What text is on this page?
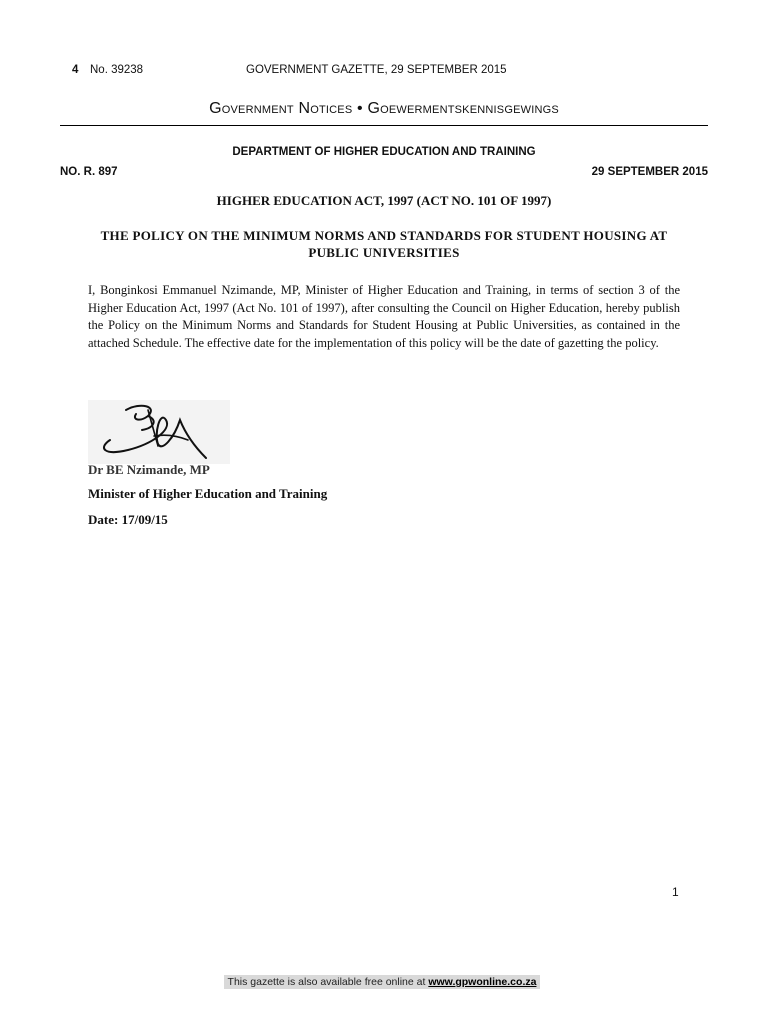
4 No. 39238	GOVERNMENT GAZETTE, 29 SEPTEMBER 2015
Government Notices • Goewermentskennisgewings
DEPARTMENT OF HIGHER EDUCATION AND TRAINING
NO. R. 897	29 SEPTEMBER 2015
HIGHER EDUCATION ACT, 1997 (ACT NO. 101 OF 1997)
THE POLICY ON THE MINIMUM NORMS AND STANDARDS FOR STUDENT HOUSING AT PUBLIC UNIVERSITIES

I, Bonginkosi Emmanuel Nzimande, MP, Minister of Higher Education and Training, in terms of section 3 of the Higher Education Act, 1997 (Act No. 101 of 1997), after consulting the Council on Higher Education, hereby publish the Policy on the Minimum Norms and Standards for Student Housing at Public Universities, as contained in the attached Schedule. The effective date for the implementation of this policy will be the date of gazetting the policy.

Dr BE Nzimande, MP
Minister of Higher Education and Training
Date: 17/09/15
1
This gazette is also available free online at www.gpwonline.co.za
